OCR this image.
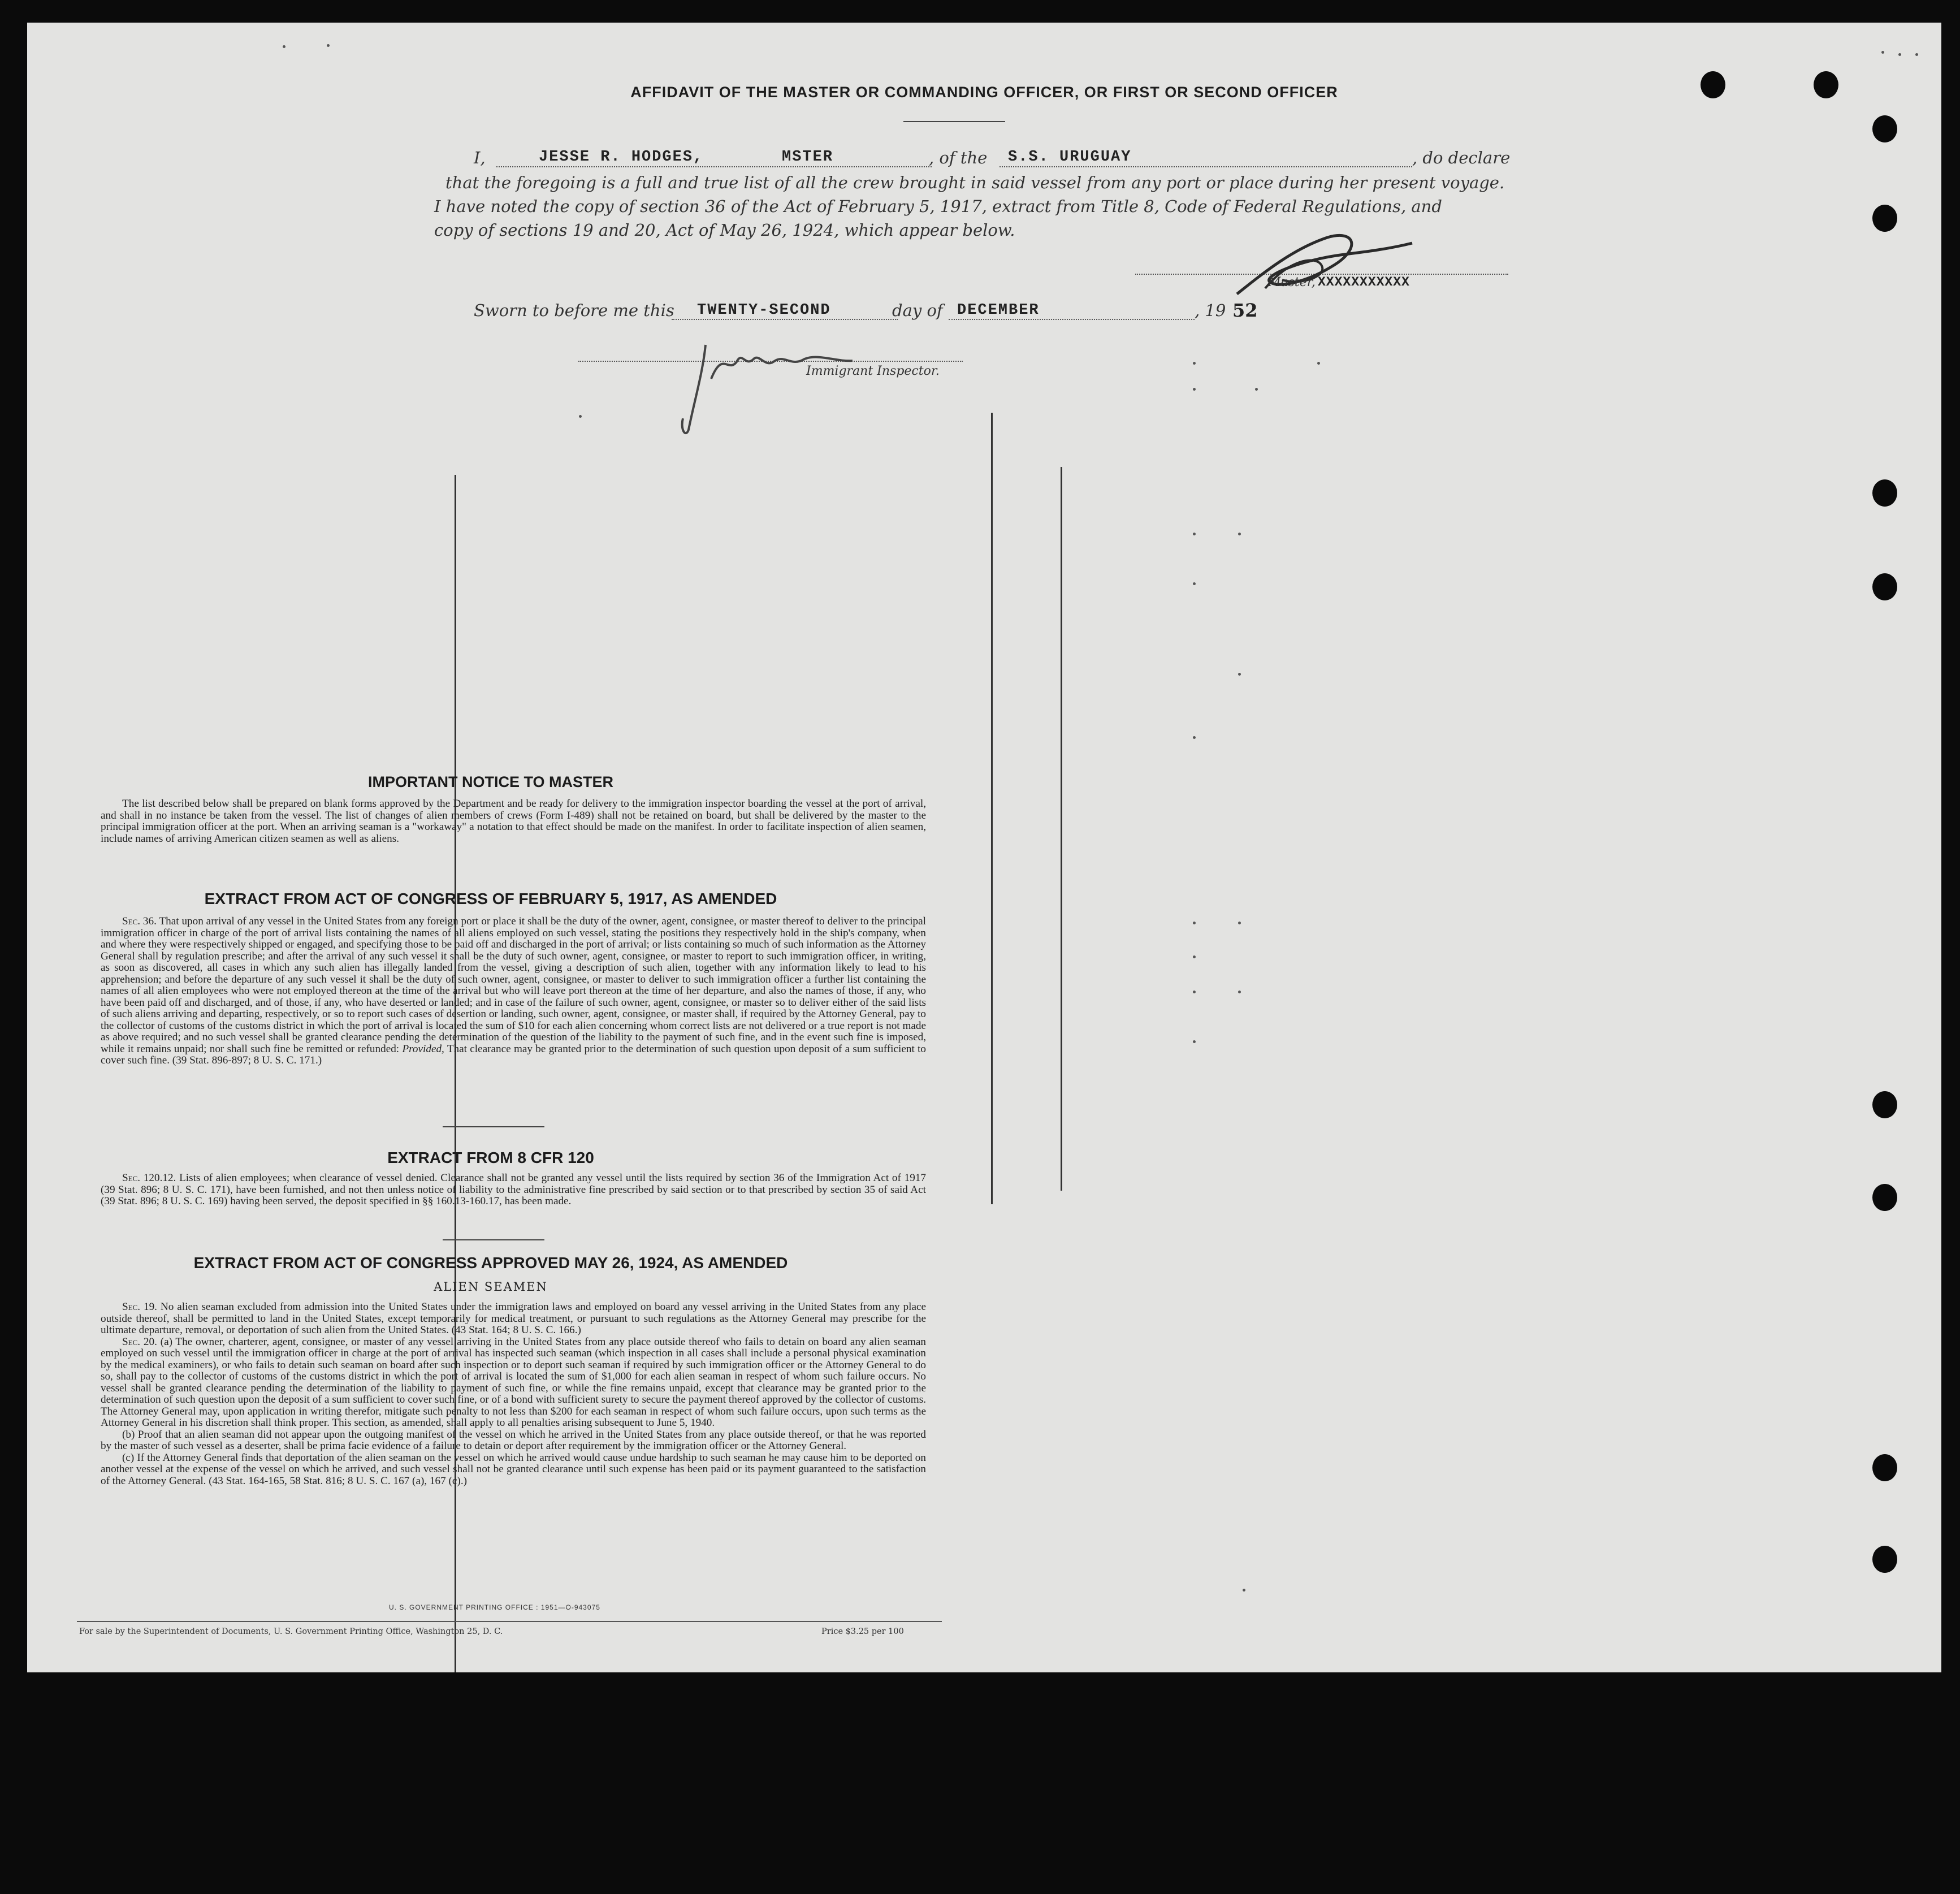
AFFIDAVIT OF THE MASTER OR COMMANDING OFFICER, OR FIRST OR SECOND OFFICER
I,	JESSE R. HODGES,	MSTER	, of the S.S. URUGUAY	, do declare
that the foregoing is a full and true list of all the crew brought in said vessel from any port or place during her present voyage.
I have noted the copy of section 36 of the Act of February 5, 1917, extract from Title 8, Code of Federal Regulations, and
copy of sections 19 and 20, Act of May 26, 1924, which appear below.
Master, XXXXXXXXXXX
Sworn to before me this TWENTY-SECOND	day of DECEMBER	, 19 52
Immigrant Inspector.
IMPORTANT NOTICE TO MASTER

The list described below shall be prepared on blank forms approved by the Department and be ready for delivery to the immigration inspector boarding the vessel at the port of arrival, and shall in no instance be taken from the vessel. The list of changes of alien members of crews (Form I-489) shall not be retained on board, but shall be delivered by the master to the principal immigration officer at the port. When an arriving seaman is a "workaway" a notation to that effect should be made on the manifest. In order to facilitate inspection of alien seamen, include names of arriving American citizen seamen as well as aliens.

EXTRACT FROM ACT OF CONGRESS OF FEBRUARY 5, 1917, AS AMENDED

Sec. 36. That upon arrival of any vessel in the United States from any foreign port or place it shall be the duty of the owner, agent, consignee, or master thereof to deliver to the principal immigration officer in charge of the port of arrival lists containing the names of all aliens employed on such vessel, stating the positions they respectively hold in the ship's company, when and where they were respectively shipped or engaged, and specifying those to be paid off and discharged in the port of arrival; or lists containing so much of such information as the Attorney General shall by regulation prescribe; and after the arrival of any such vessel it shall be the duty of such owner, agent, consignee, or master to report to such immigration officer, in writing, as soon as discovered, all cases in which any such alien has illegally landed from the vessel, giving a description of such alien, together with any information likely to lead to his apprehension; and before the departure of any such vessel it shall be the duty of such owner, agent, consignee, or master to deliver to such immigration officer a further list containing the names of all alien employees who were not employed thereon at the time of the arrival but who will leave port thereon at the time of her departure, and also the names of those, if any, who have been paid off and discharged, and of those, if any, who have deserted or landed; and in case of the failure of such owner, agent, consignee, or master so to deliver either of the said lists of such aliens arriving and departing, respectively, or so to report such cases of desertion or landing, such owner, agent, consignee, or master shall, if required by the Attorney General, pay to the collector of customs of the customs district in which the port of arrival is located the sum of $10 for each alien concerning whom correct lists are not delivered or a true report is not made as above required; and no such vessel shall be granted clearance pending the determination of the question of the liability to the payment of such fine, and in the event such fine is imposed, while it remains unpaid; nor shall such fine be remitted or refunded: Provided, That clearance may be granted prior to the determination of such question upon deposit of a sum sufficient to cover such fine. (39 Stat. 896-897; 8 U. S. C. 171.)

EXTRACT FROM 8 CFR 120

Sec. 120.12. Lists of alien employees; when clearance of vessel denied. Clearance shall not be granted any vessel until the lists required by section 36 of the Immigration Act of 1917 (39 Stat. 896; 8 U. S. C. 171), have been furnished, and not then unless notice of liability to the administrative fine prescribed by said section or to that prescribed by section 35 of said Act (39 Stat. 896; 8 U. S. C. 169) having been served, the deposit specified in §§ 160.13-160.17, has been made.

EXTRACT FROM ACT OF CONGRESS APPROVED MAY 26, 1924, AS AMENDED
ALIEN SEAMEN

Sec. 19. No alien seaman excluded from admission into the United States under the immigration laws and employed on board any vessel arriving in the United States from any place outside thereof, shall be permitted to land in the United States, except temporarily for medical treatment, or pursuant to such regulations as the Attorney General may prescribe for the ultimate departure, removal, or deportation of such alien from the United States. (43 Stat. 164; 8 U. S. C. 166.)

Sec. 20. (a) The owner, charterer, agent, consignee, or master of any vessel arriving in the United States from any place outside thereof who fails to detain on board any alien seaman employed on such vessel until the immigration officer in charge at the port of arrival has inspected such seaman (which inspection in all cases shall include a personal physical examination by the medical examiners), or who fails to detain such seaman on board after such inspection or to deport such seaman if required by such immigration officer or the Attorney General to do so, shall pay to the collector of customs of the customs district in which the port of arrival is located the sum of $1,000 for each alien seaman in respect of whom such failure occurs. No vessel shall be granted clearance pending the determination of the liability to payment of such fine, or while the fine remains unpaid, except that clearance may be granted prior to the determination of such question upon the deposit of a sum sufficient to cover such fine, or of a bond with sufficient surety to secure the payment thereof approved by the collector of customs. The Attorney General may, upon application in writing therefor, mitigate such penalty to not less than $200 for each seaman in respect of whom such failure occurs, upon such terms as the Attorney General in his discretion shall think proper. This section, as amended, shall apply to all penalties arising subsequent to June 5, 1940.

(b) Proof that an alien seaman did not appear upon the outgoing manifest of the vessel on which he arrived in the United States from any place outside thereof, or that he was reported by the master of such vessel as a deserter, shall be prima facie evidence of a failure to detain or deport after requirement by the immigration officer or the Attorney General.

(c) If the Attorney General finds that deportation of the alien seaman on the vessel on which he arrived would cause undue hardship to such seaman he may cause him to be deported on another vessel at the expense of the vessel on which he arrived, and such vessel shall not be granted clearance until such expense has been paid or its payment guaranteed to the satisfaction of the Attorney General. (43 Stat. 164-165, 58 Stat. 816; 8 U. S. C. 167 (a), 167 (c).)

U. S. GOVERNMENT PRINTING OFFICE : 1951—O-943075
For sale by the Superintendent of Documents, U. S. Government Printing Office, Washington 25, D. C.	Price $3.25 per 100
